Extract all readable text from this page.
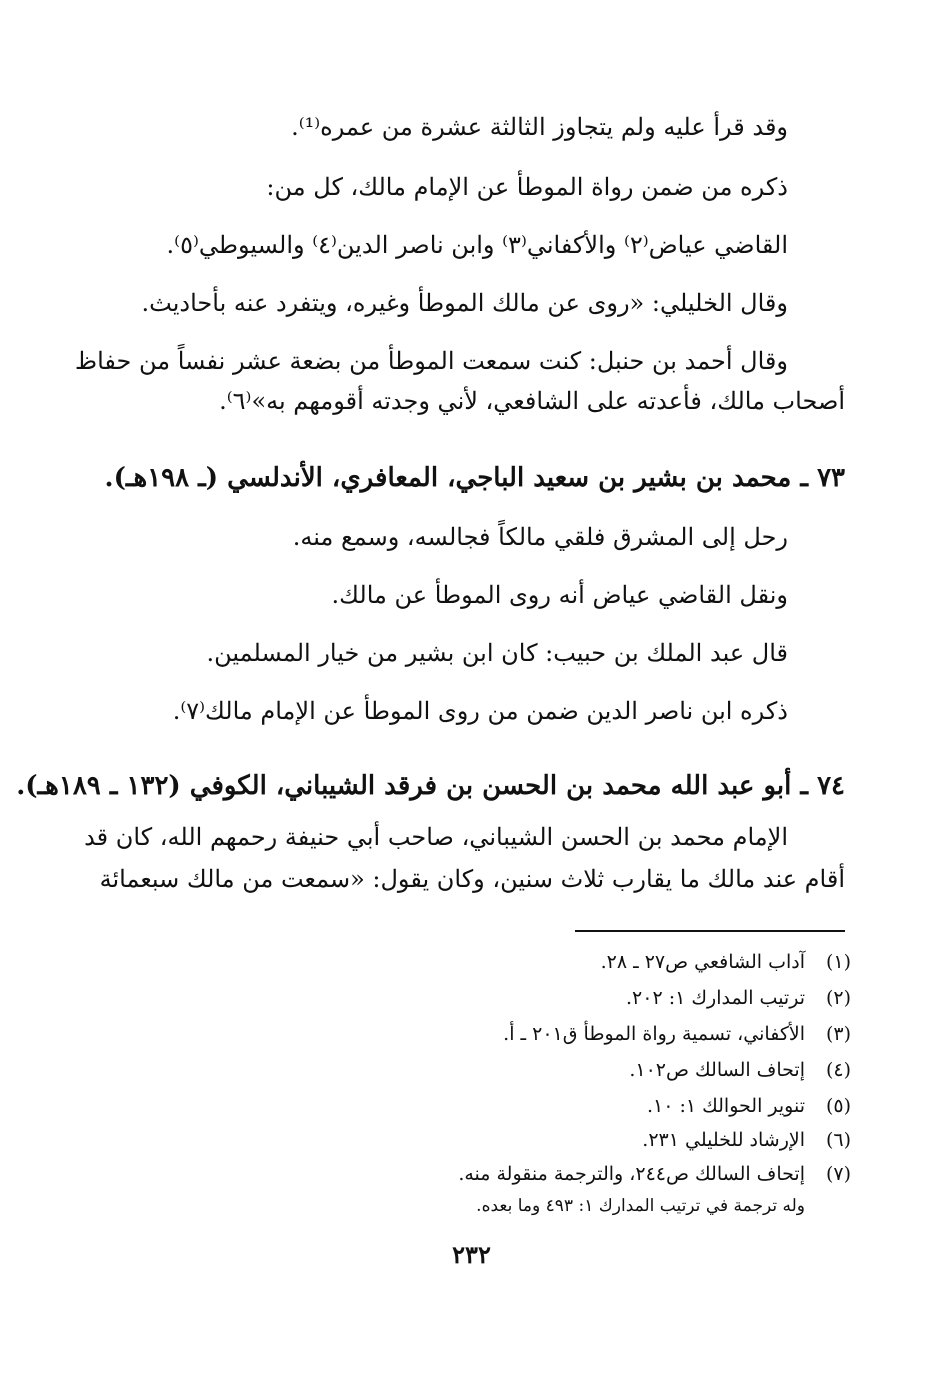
وقد قرأ عليه ولم يتجاوز الثالثة عشرة من عمره⁽¹⁾.
ذكره من ضمن رواة الموطأ عن الإمام مالك، كل من:
القاضي عياض⁽٢⁾ والأكفاني⁽٣⁾ وابن ناصر الدين⁽٤⁾ والسيوطي⁽٥⁾.
وقال الخليلي: «روى عن مالك الموطأ وغيره، ويتفرد عنه بأحاديث.
وقال أحمد بن حنبل: كنت سمعت الموطأ من بضعة عشر نفساً من حفاظ
أصحاب مالك، فأعدته على الشافعي، لأني وجدته أقومهم به»⁽٦⁾.
٧٣ ـ محمد بن بشير بن سعيد الباجي، المعافري، الأندلسي (ـ ١٩٨هـ).
رحل إلى المشرق فلقي مالكاً فجالسه، وسمع منه.
ونقل القاضي عياض أنه روى الموطأ عن مالك.
قال عبد الملك بن حبيب: كان ابن بشير من خيار المسلمين.
ذكره ابن ناصر الدين ضمن من روى الموطأ عن الإمام مالك⁽٧⁾.
٧٤ ـ أبو عبد الله محمد بن الحسن بن فرقد الشيباني، الكوفي (١٣٢ ـ ١٨٩هـ).
الإمام محمد بن الحسن الشيباني، صاحب أبي حنيفة رحمهم الله، كان قد
أقام عند مالك ما يقارب ثلاث سنين، وكان يقول: «سمعت من مالك سبعمائة
(١)آداب الشافعي ص٢٧ ـ ٢٨.
(٢)ترتيب المدارك ١: ٢٠٢.
(٣)الأكفاني، تسمية رواة الموطأ ق٢٠١ ـ أ.
(٤)إتحاف السالك ص١٠٢.
(٥)تنوير الحوالك ١: ١٠.
(٦)الإرشاد للخليلي ٢٣١.
(٧)إتحاف السالك ص٢٤٤، والترجمة منقولة منه.
وله ترجمة في ترتيب المدارك ١: ٤٩٣ وما بعده.
٢٣٢
